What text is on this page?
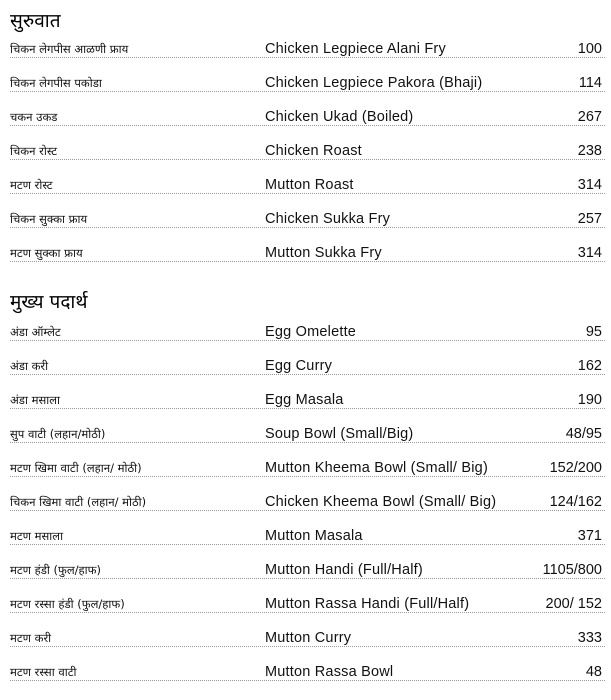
सुरुवात
चिकन लेगपीस आळणी फ्राय	Chicken Legpiece Alani Fry	100
चिकन लेगपीस पकोडा	Chicken Legpiece Pakora (Bhaji)	114
चकन उकड	Chicken Ukad (Boiled)	267
चिकन रोस्ट	Chicken Roast	238
मटण रोस्ट	Mutton Roast	314
चिकन सुक्का फ्राय	Chicken Sukka Fry	257
मटण सुक्का फ्राय	Mutton Sukka Fry	314
मुख्य पदार्थ
अंडा ऑम्लेट	Egg Omelette	95
अंडा करी	Egg Curry	162
अंडा मसाला	Egg Masala	190
सुप वाटी (लहान/मोठी)	Soup Bowl (Small/Big)	48/95
मटण खिमा वाटी (लहान/ मोठी)	Mutton Kheema Bowl (Small/ Big)	152/200
चिकन खिमा वाटी (लहान/ मोठी)	Chicken Kheema Bowl (Small/ Big)	124/162
मटण मसाला	Mutton Masala	371
मटण हंडी (फुल/हाफ)	Mutton Handi (Full/Half)	1105/800
मटण रस्सा हंडी (फुल/हाफ)	Mutton Rassa Handi (Full/Half)	200/ 152
मटण करी	Mutton Curry	333
मटण रस्सा वाटी	Mutton Rassa Bowl	48
